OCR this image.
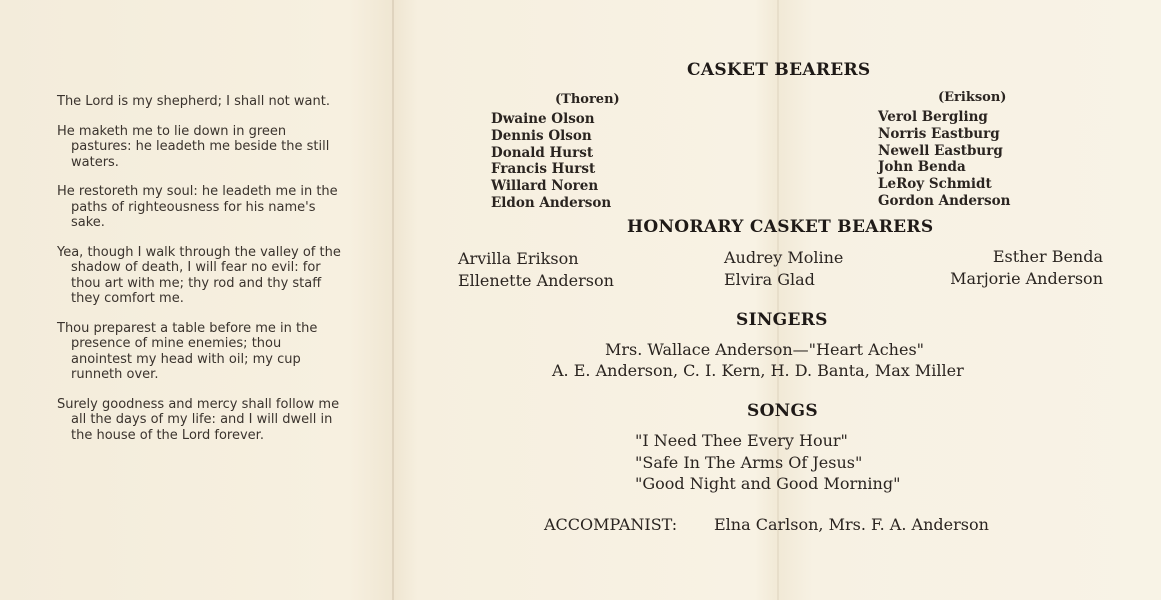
The Lord is my shepherd; I shall not want.

He maketh me to lie down in green pastures: he leadeth me beside the still waters.

He restoreth my soul: he leadeth me in the paths of righteousness for his name's sake.

Yea, though I walk through the valley of the shadow of death, I will fear no evil: for thou art with me; thy rod and thy staff they comfort me.

Thou preparest a table before me in the presence of mine enemies; thou anointest my head with oil; my cup runneth over.

Surely goodness and mercy shall follow me all the days of my life: and I will dwell in the house of the Lord forever.

CASKET BEARERS
(Thoren)	(Erikson)
Dwaine Olson
Dennis Olson
Donald Hurst
Francis Hurst
Willard Noren
Eldon Anderson
Verol Bergling
Norris Eastburg
Newell Eastburg
John Benda
LeRoy Schmidt
Gordon Anderson
HONORARY CASKET BEARERS
Arvilla Erikson
Ellenette Anderson
Audrey Moline
Elvira Glad
Esther Benda
Marjorie Anderson
SINGERS
Mrs. Wallace Anderson—"Heart Aches"
A. E. Anderson, C. I. Kern, H. D. Banta, Max Miller
SONGS
"I Need Thee Every Hour"
"Safe In The Arms Of Jesus"
"Good Night and Good Morning"
ACCOMPANIST: Elna Carlson, Mrs. F. A. Anderson
